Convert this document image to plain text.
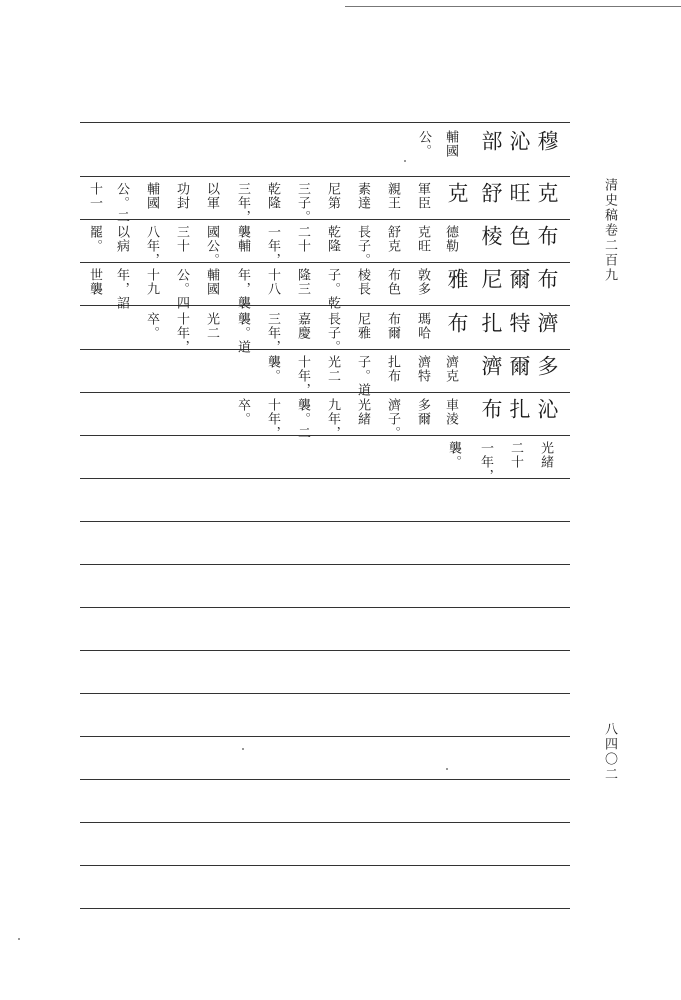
穆
沁
部
輔國
公。
克
旺
舒
克
軍臣
親王
素達
尼第
三子。
乾隆
三年，
以軍
功封
輔國
公。二
十一
布
色
棱
德勒
克旺
舒克
長子。
乾隆
二十
一年，
襲輔
國公。
三十
八年，
以病
罷。
布
爾
尼
雅
敦多
布色
棱長
子。乾
隆三
十八
年，襲
輔國
公。四
十九
年，詔
世襲
濟
特
扎
布
瑪哈
布爾
尼雅
長子。
嘉慶
三年，
襲。道
光二
十年，
卒。
多
爾
濟
濟克
濟特
扎布
子。道
光二
十年，
襲。
沁
扎
布
車淩
多爾
濟子。
光緒
九年，
襲。二
十年，
卒。
光緒
二十
一年，
襲。
清史稿卷二百九
八四〇二
